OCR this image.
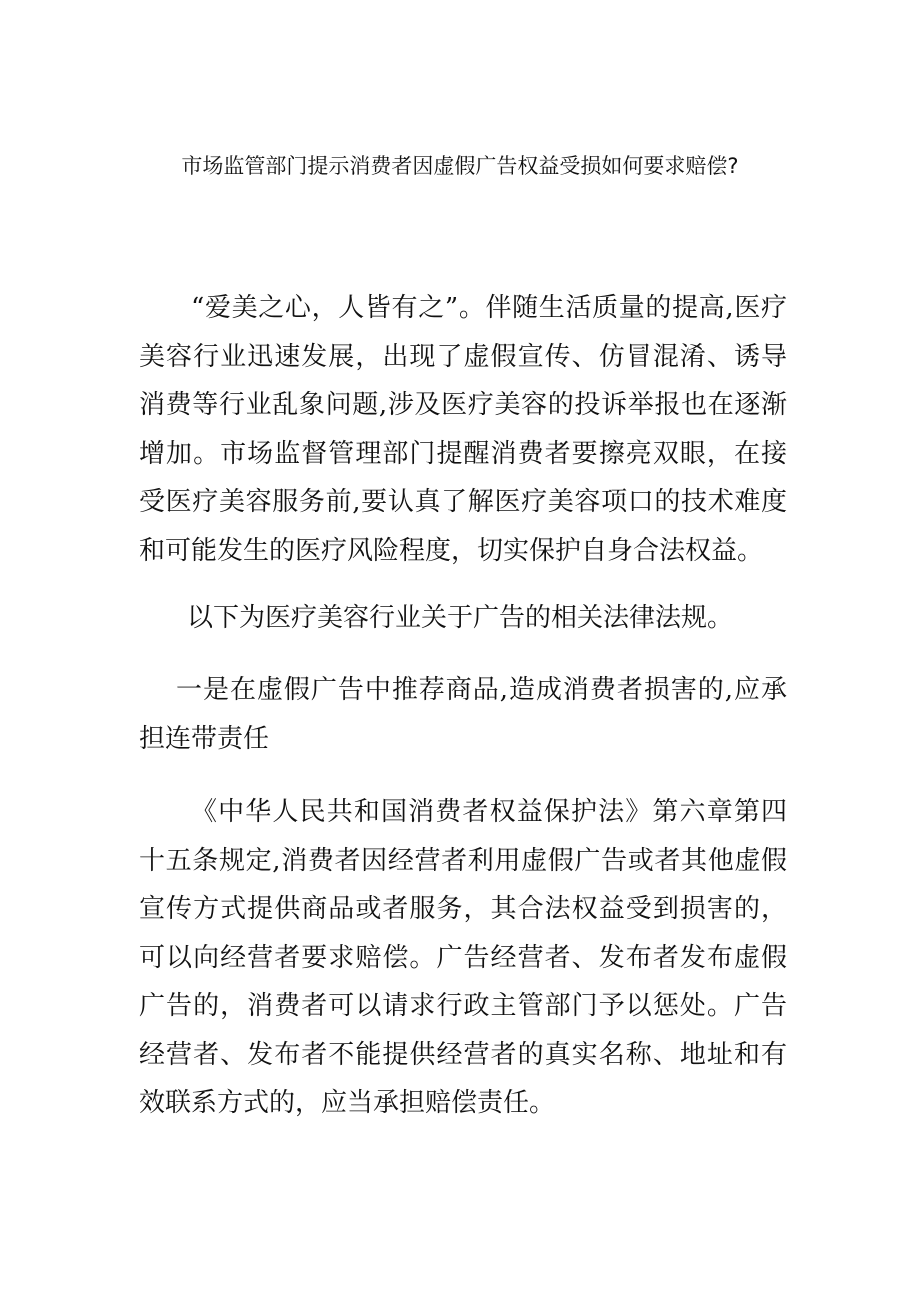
市场监管部门提示消费者因虚假广告权益受损如何要求赔偿?

“爱美之心，人皆有之”。伴随生活质量的提高,医疗美容行业迅速发展，出现了虚假宣传、仿冒混淆、诱导消费等行业乱象问题,涉及医疗美容的投诉举报也在逐渐增加。市场监督管理部门提醒消费者要擦亮双眼，在接受医疗美容服务前,要认真了解医疗美容项口的技术难度和可能发生的医疗风险程度，切实保护自身合法权益。

以下为医疗美容行业关于广告的相关法律法规。

一是在虚假广告中推荐商品,造成消费者损害的,应承担连带责任

《中华人民共和国消费者权益保护法》第六章第四十五条规定,消费者因经营者利用虚假广告或者其他虚假宣传方式提供商品或者服务，其合法权益受到损害的，可以向经营者要求赔偿。广告经营者、发布者发布虚假广告的，消费者可以请求行政主管部门予以惩处。广告经营者、发布者不能提供经营者的真实名称、地址和有效联系方式的，应当承担赔偿责任。
